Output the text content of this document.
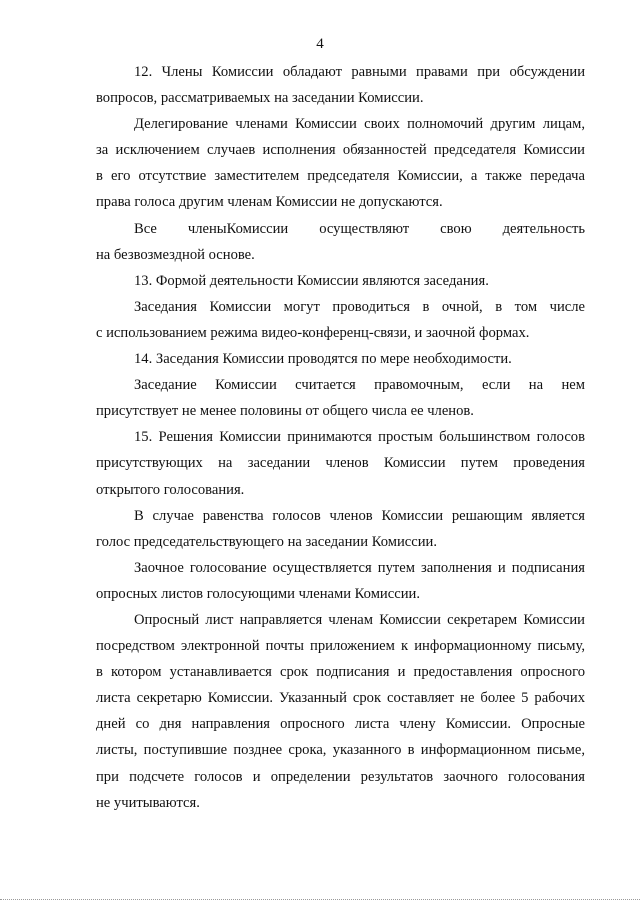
4
12. Члены Комиссии обладают равными правами при обсуждении
вопросов, рассматриваемых на заседании Комиссии.
Делегирование членами Комиссии своих полномочий другим лицам,
за исключением случаев исполнения обязанностей председателя Комиссии
в его отсутствие заместителем председателя Комиссии, а также передача
права голоса другим членам Комиссии не допускаются.
Все членыКомиссии осуществляют свою деятельность
на безвозмездной основе.
13. Формой деятельности Комиссии являются заседания.
Заседания Комиссии могут проводиться в очной, в том числе
с использованием режима видео-конференц-связи, и заочной формах.
14. Заседания Комиссии проводятся по мере необходимости.
Заседание Комиссии считается правомочным, если на нем
присутствует не менее половины от общего числа ее членов.
15. Решения Комиссии принимаются простым большинством голосов
присутствующих на заседании членов Комиссии путем проведения
открытого голосования.
В случае равенства голосов членов Комиссии решающим является
голос председательствующего на заседании Комиссии.
Заочное голосование осуществляется путем заполнения и подписания
опросных листов голосующими членами Комиссии.
Опросный лист направляется членам Комиссии секретарем Комиссии
посредством электронной почты приложением к информационному письму,
в котором устанавливается срок подписания и предоставления опросного
листа секретарю Комиссии. Указанный срок составляет не более 5 рабочих
дней со дня направления опросного листа члену Комиссии. Опросные
листы, поступившие позднее срока, указанного в информационном письме,
при подсчете голосов и определении результатов заочного голосования
не учитываются.
